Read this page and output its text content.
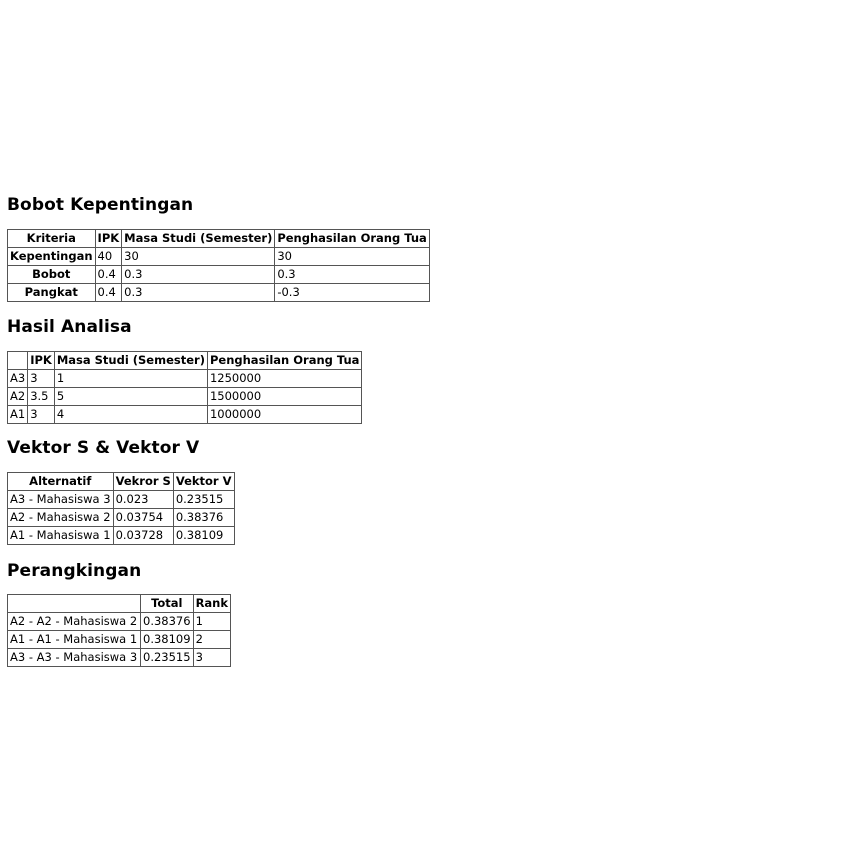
Bobot Kepentingan
Kriteria	IPK	Masa Studi (Semester)	Penghasilan Orang Tua
Kepentingan	40	30	30
Bobot	0.4	0.3	0.3
Pangkat	0.4	0.3	-0.3
Hasil Analisa
	IPK	Masa Studi (Semester)	Penghasilan Orang Tua
A3	3	1	1250000
A2	3.5	5	1500000
A1	3	4	1000000
Vektor S & Vektor V
Alternatif	Vekror S	Vektor V
A3 - Mahasiswa 3	0.023	0.23515
A2 - Mahasiswa 2	0.03754	0.38376
A1 - Mahasiswa 1	0.03728	0.38109
Perangkingan
	Total	Rank
A2 - A2 - Mahasiswa 2	0.38376	1
A1 - A1 - Mahasiswa 1	0.38109	2
A3 - A3 - Mahasiswa 3	0.23515	3
